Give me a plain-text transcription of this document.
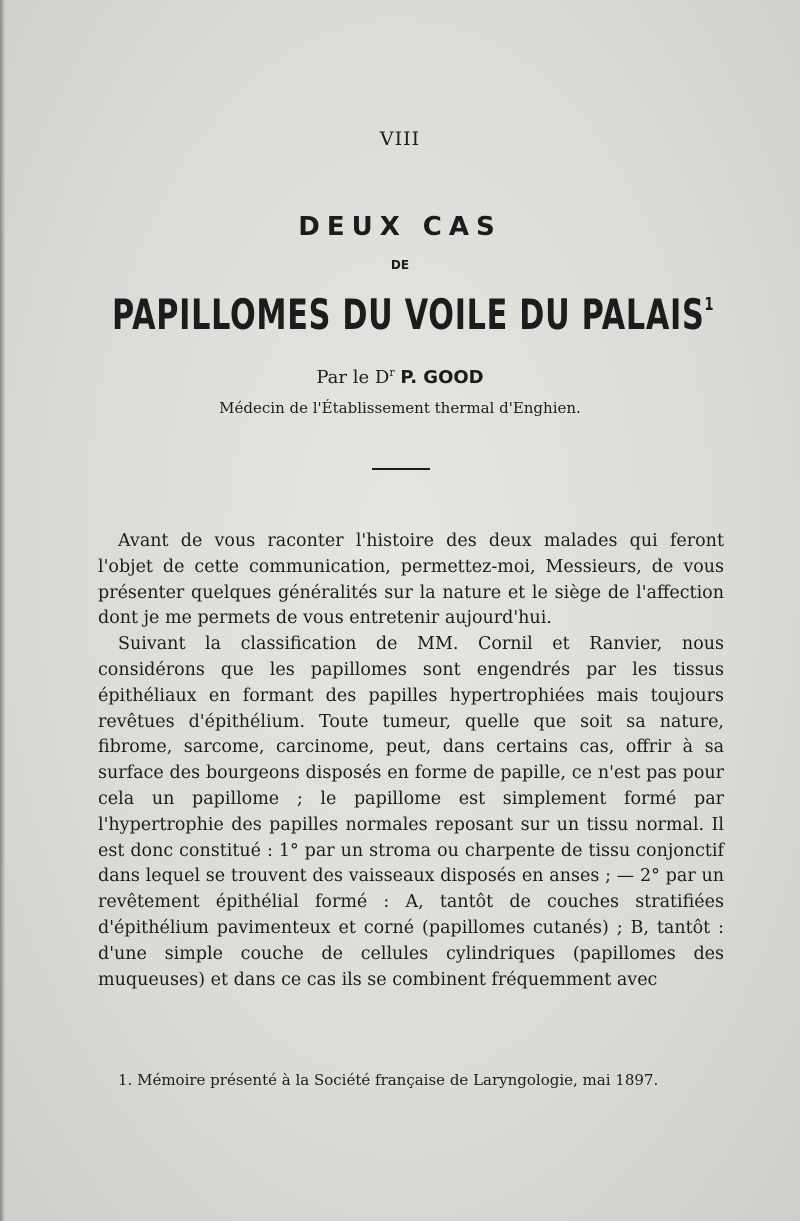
VIII
DEUX CAS
DE
PAPILLOMES DU VOILE DU PALAIS$^1$
Par le $D^r$ P. GOOD
Médecin de l'Établissement thermal d'Enghien.

Avant de vous raconter l'histoire des deux malades qui feront l'objet de cette communication, permettez-moi, Messieurs, de vous présenter quelques généralités sur la nature et le siège de l'affection dont je me permets de vous entretenir aujourd'hui.

Suivant la classification de MM. Cornil et Ranvier, nous considérons que les papillomes sont engendrés par les tissus épithéliaux en formant des papilles hypertrophiées mais toujours revêtues d'épithélium. Toute tumeur, quelle que soit sa nature, fibrome, sarcome, carcinome, peut, dans certains cas, offrir à sa surface des bourgeons disposés en forme de papille, ce n'est pas pour cela un papillome ; le papillome est simplement formé par l'hypertrophie des papilles normales reposant sur un tissu normal. Il est donc constitué : 1° par un stroma ou charpente de tissu conjonctif dans lequel se trouvent des vaisseaux disposés en anses ; — 2° par un revêtement épithélial formé : A, tantôt de couches stratifiées d'épithélium pavimenteux et corné (papillomes cutanés) ; B, tantôt : d'une simple couche de cellules cylindriques (papillomes des muqueuses) et dans ce cas ils se combinent fréquemment avec

1. Mémoire présenté à la Société française de Laryngologie, mai 1897.
